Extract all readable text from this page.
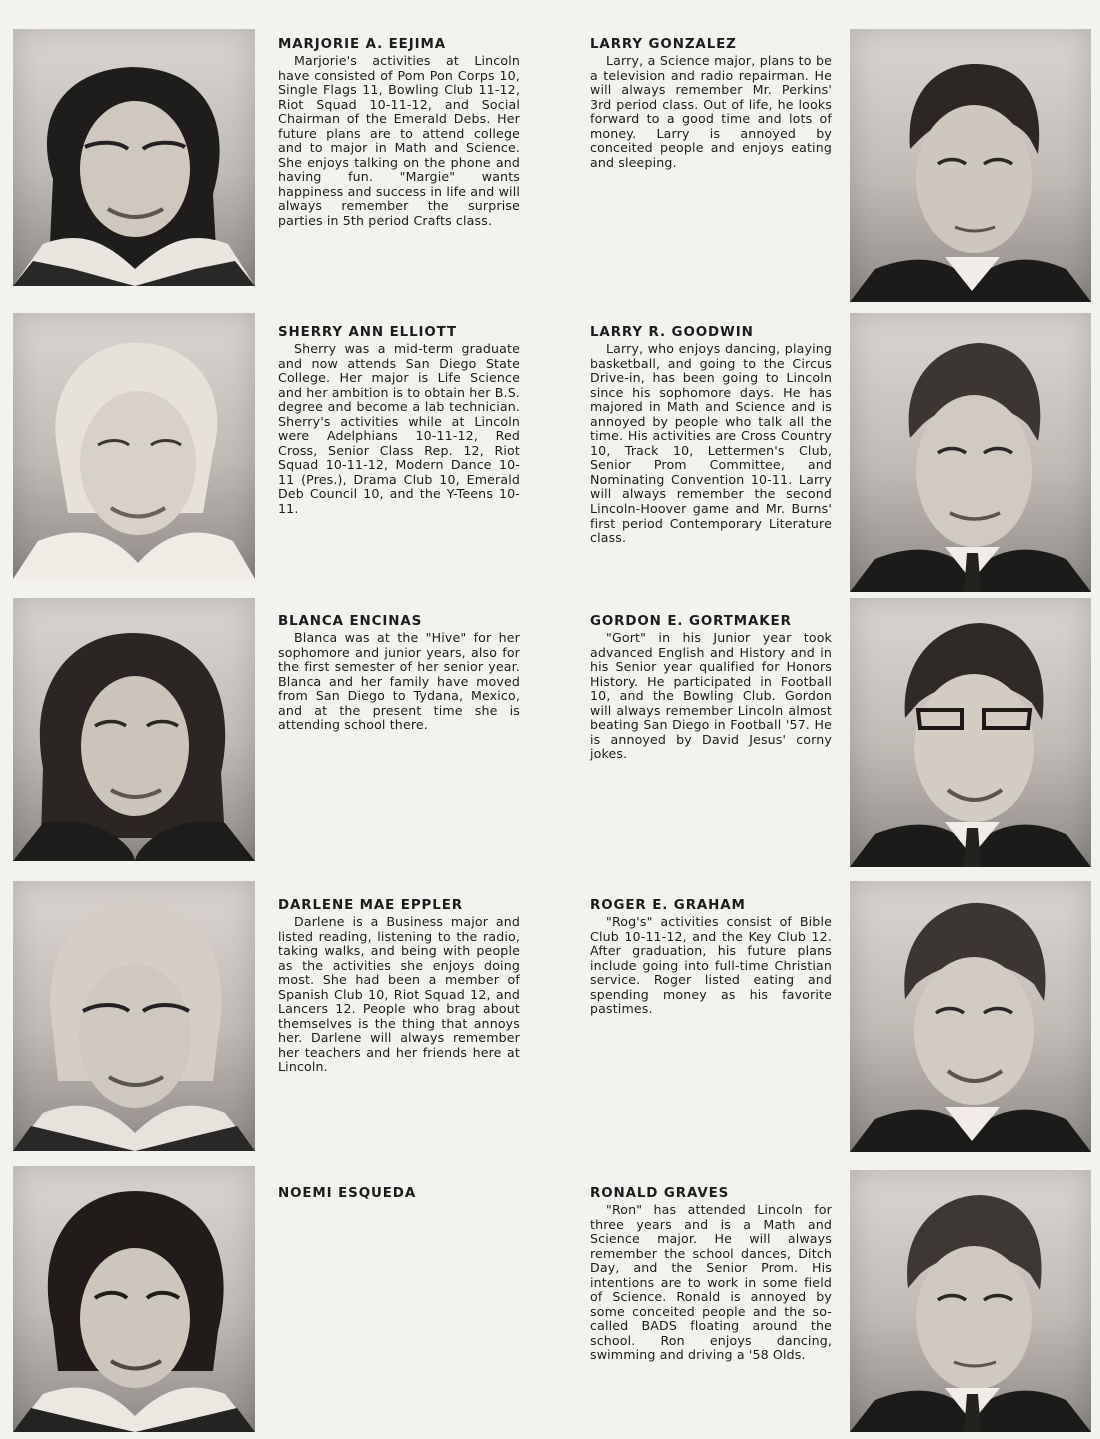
MARJORIE A. EEJIMA

Marjorie's activities at Lincoln have consisted of Pom Pon Corps 10, Single Flags 11, Bowling Club 11-12, Riot Squad 10-11-12, and Social Chairman of the Emerald Debs. Her future plans are to attend college and to major in Math and Science. She enjoys talking on the phone and having fun. "Margie" wants happiness and success in life and will always remember the surprise parties in 5th period Crafts class.

SHERRY ANN ELLIOTT

Sherry was a mid-term graduate and now attends San Diego State College. Her major is Life Science and her ambition is to obtain her B.S. degree and become a lab technician. Sherry's activities while at Lincoln were Adelphians 10-11-12, Red Cross, Senior Class Rep. 12, Riot Squad 10-11-12, Modern Dance 10-11 (Pres.), Drama Club 10, Emerald Deb Council 10, and the Y-Teens 10-11.

BLANCA ENCINAS

Blanca was at the "Hive" for her sophomore and junior years, also for the first semester of her senior year. Blanca and her family have moved from San Diego to Tydana, Mexico, and at the present time she is attending school there.

DARLENE MAE EPPLER

Darlene is a Business major and listed reading, listening to the radio, taking walks, and being with people as the activities she enjoys doing most. She had been a member of Spanish Club 10, Riot Squad 12, and Lancers 12. People who brag about themselves is the thing that annoys her. Darlene will always remember her teachers and her friends here at Lincoln.

NOEMI ESQUEDA

LARRY GONZALEZ

Larry, a Science major, plans to be a television and radio repairman. He will always remember Mr. Perkins' 3rd period class. Out of life, he looks forward to a good time and lots of money. Larry is annoyed by conceited people and enjoys eating and sleeping.

LARRY R. GOODWIN

Larry, who enjoys dancing, playing basketball, and going to the Circus Drive-in, has been going to Lincoln since his sophomore days. He has majored in Math and Science and is annoyed by people who talk all the time. His activities are Cross Country 10, Track 10, Lettermen's Club, Senior Prom Committee, and Nominating Convention 10-11. Larry will always remember the second Lincoln-Hoover game and Mr. Burns' first period Contemporary Literature class.

GORDON E. GORTMAKER

"Gort" in his Junior year took advanced English and History and in his Senior year qualified for Honors History. He participated in Football 10, and the Bowling Club. Gordon will always remember Lincoln almost beating San Diego in Football '57. He is annoyed by David Jesus' corny jokes.

ROGER E. GRAHAM

"Rog's" activities consist of Bible Club 10-11-12, and the Key Club 12. After graduation, his future plans include going into full-time Christian service. Roger listed eating and spending money as his favorite pastimes.

RONALD GRAVES

"Ron" has attended Lincoln for three years and is a Math and Science major. He will always remember the school dances, Ditch Day, and the Senior Prom. His intentions are to work in some field of Science. Ronald is annoyed by some conceited people and the so-called BADS floating around the school. Ron enjoys dancing, swimming and driving a '58 Olds.
